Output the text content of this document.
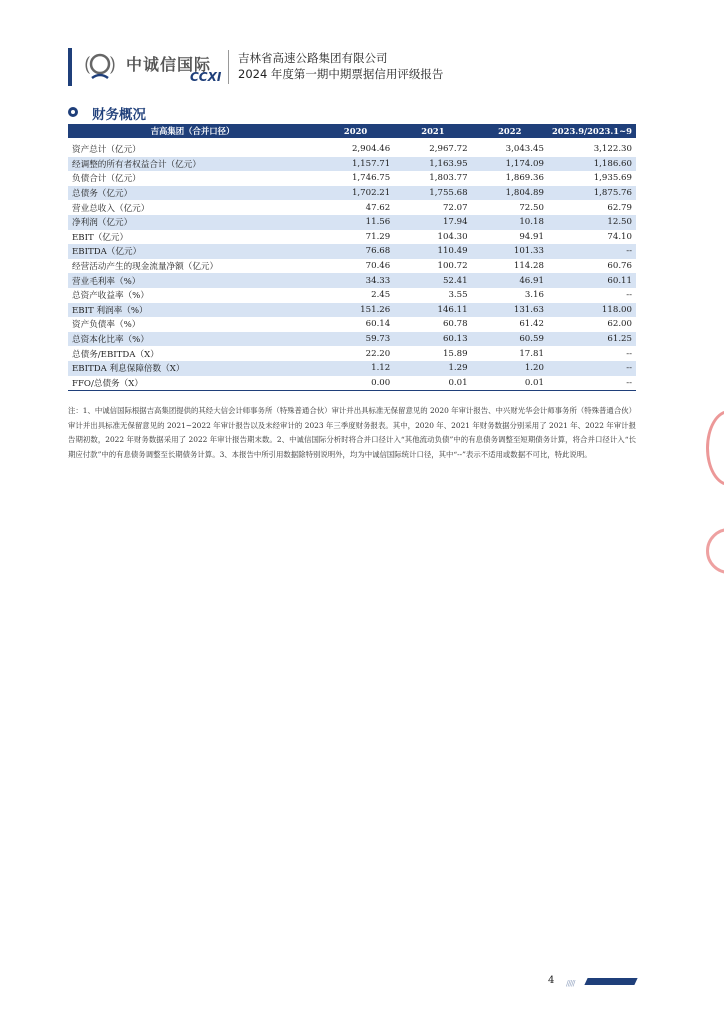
中诚信国际
CCXI
吉林省高速公路集团有限公司
2024 年度第一期中期票据信用评级报告
财务概况
吉高集团（合并口径）	2020	2021	2022	2023.9/2023.1~9

资产总计（亿元）	2,904.46	2,967.72	3,043.45	3,122.30
经调整的所有者权益合计（亿元）	1,157.71	1,163.95	1,174.09	1,186.60
负债合计（亿元）	1,746.75	1,803.77	1,869.36	1,935.69
总债务（亿元）	1,702.21	1,755.68	1,804.89	1,875.76
营业总收入（亿元）	47.62	72.07	72.50	62.79
净利润（亿元）	11.56	17.94	10.18	12.50
EBIT（亿元）	71.29	104.30	94.91	74.10
EBITDA（亿元）	76.68	110.49	101.33	--
经营活动产生的现金流量净额（亿元）	70.46	100.72	114.28	60.76
营业毛利率（%）	34.33	52.41	46.91	60.11
总资产收益率（%）	2.45	3.55	3.16	--
EBIT 利润率（%）	151.26	146.11	131.63	118.00
资产负债率（%）	60.14	60.78	61.42	62.00
总资本化比率（%）	59.73	60.13	60.59	61.25
总债务/EBITDA（X）	22.20	15.89	17.81	--
EBITDA 利息保障倍数（X）	1.12	1.29	1.20	--
FFO/总债务（X）	0.00	0.01	0.01	--
注：1、中诚信国际根据吉高集团提供的其经大信会计师事务所（特殊普通合伙）审计并出具标准无保留意见的 2020 年审计报告、中兴财光华会计师事务所（特殊普通合伙）审计并出具标准无保留意见的 2021~2022 年审计报告以及未经审计的 2023 年三季度财务报表。其中，2020 年、2021 年财务数据分别采用了 2021 年、2022 年审计报告期初数，2022 年财务数据采用了 2022 年审计报告期末数。2、中诚信国际分析时将合并口径计入“其他流动负债”中的有息债务调整至短期债务计算，将合并口径计入“长期应付款”中的有息债务调整至长期债务计算。3、本报告中所引用数据除特别说明外，均为中诚信国际统计口径，其中“--”表示不适用或数据不可比，特此说明。
4 /////
